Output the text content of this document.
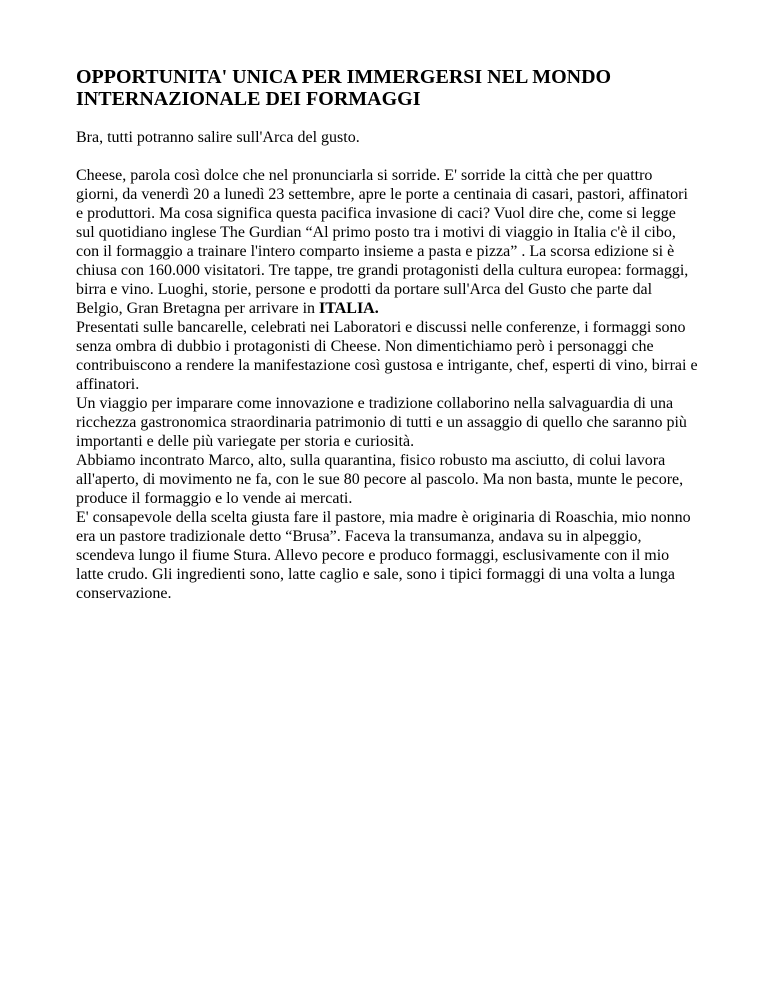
OPPORTUNITA' UNICA PER IMMERGERSI NEL MONDO
INTERNAZIONALE DEI FORMAGGI

Bra, tutti potranno salire sull'Arca del gusto.

Cheese, parola così dolce che nel pronunciarla si sorride. E' sorride la città che per quattro giorni, da venerdì 20 a lunedì 23 settembre, apre le porte a centinaia di casari, pastori, affinatori e produttori. Ma cosa significa questa pacifica invasione di caci? Vuol dire che, come si legge sul quotidiano inglese The Gurdian “Al primo posto tra i motivi di viaggio in Italia c'è il cibo, con il formaggio a trainare l'intero comparto insieme a pasta e pizza” . La scorsa edizione si è chiusa con 160.000 visitatori. Tre tappe, tre grandi protagonisti della cultura europea: formaggi, birra e vino. Luoghi, storie, persone e prodotti da portare sull'Arca del Gusto che parte dal Belgio, Gran Bretagna per arrivare in ITALIA.

Presentati sulle bancarelle, celebrati nei Laboratori e discussi nelle conferenze, i formaggi sono senza ombra di dubbio i protagonisti di Cheese. Non dimentichiamo però i personaggi che contribuiscono a rendere la manifestazione così gustosa e intrigante, chef, esperti di vino, birrai e affinatori.

Un viaggio per imparare come innovazione e tradizione collaborino nella salvaguardia di una ricchezza gastronomica straordinaria patrimonio di tutti e un assaggio di quello che saranno più importanti e delle più variegate per storia e curiosità.

Abbiamo incontrato Marco, alto, sulla quarantina, fisico robusto ma asciutto, di colui lavora all'aperto, di movimento ne fa, con le sue 80 pecore al pascolo. Ma non basta, munte le pecore, produce il formaggio e lo vende ai mercati.

E' consapevole della scelta giusta fare il pastore, mia madre è originaria di Roaschia, mio nonno era un pastore tradizionale detto “Brusa”. Faceva la transumanza, andava su in alpeggio, scendeva lungo il fiume Stura. Allevo pecore e produco formaggi, esclusivamente con il mio latte crudo. Gli ingredienti sono, latte caglio e sale, sono i tipici formaggi di una volta a lunga conservazione.
